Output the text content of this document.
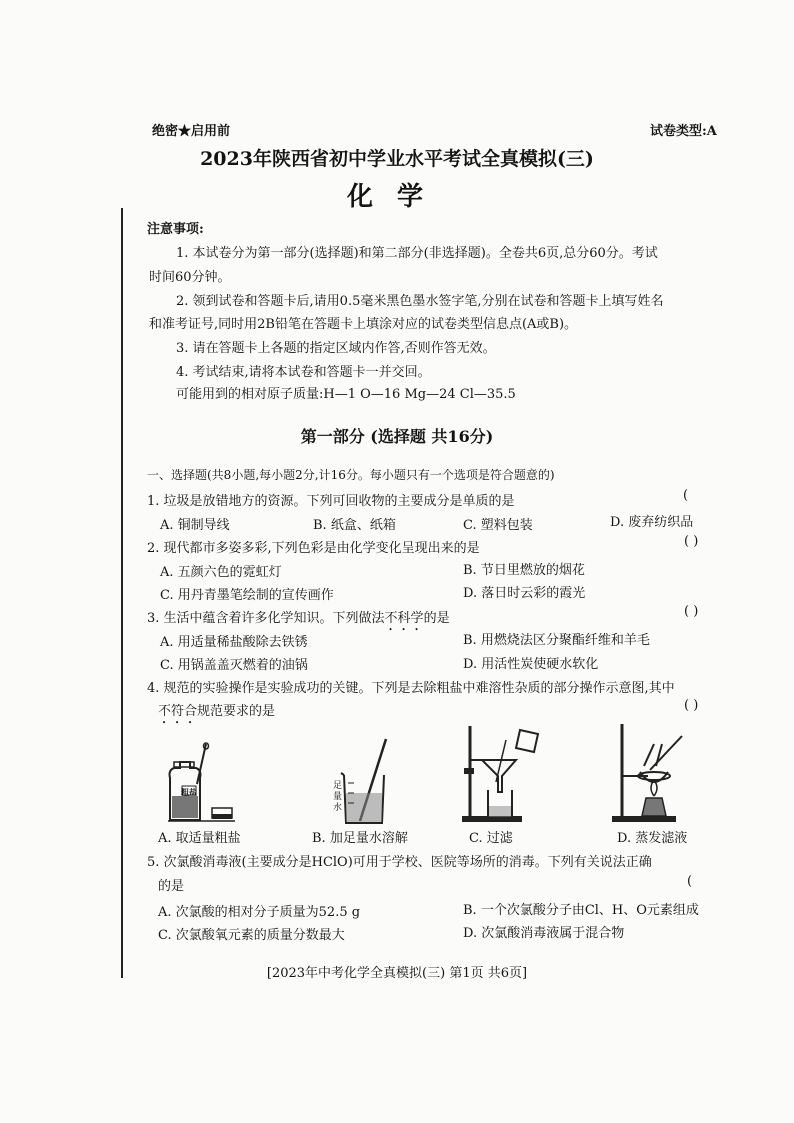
绝密★启用前	试卷类型:A
2023年陕西省初中学业水平考试全真模拟(三)
化学
注意事项:
1. 本试卷分为第一部分(选择题)和第二部分(非选择题)。全卷共6页,总分60分。考试
时间60分钟。
2. 领到试卷和答题卡后,请用0.5毫米黑色墨水签字笔,分别在试卷和答题卡上填写姓名
和准考证号,同时用2B铅笔在答题卡上填涂对应的试卷类型信息点(A或B)。
3. 请在答题卡上各题的指定区域内作答,否则作答无效。
4. 考试结束,请将本试卷和答题卡一并交回。
可能用到的相对原子质量:H—1 O—16 Mg—24 Cl—35.5
第一部分 (选择题 共16分)
一、选择题(共8小题,每小题2分,计16分。每小题只有一个选项是符合题意的)
1. 垃圾是放错地方的资源。下列可回收物的主要成分是单质的是	(
A. 铜制导线	B. 纸盒、纸箱	C. 塑料包装	D. 废弃纺织品
2. 现代都市多姿多彩,下列色彩是由化学变化呈现出来的是	( )
A. 五颜六色的霓虹灯	B. 节日里燃放的烟花
C. 用丹青墨笔绘制的宣传画作	D. 落日时云彩的霞光
3. 生活中蕴含着许多化学知识。下列做法不科学的是	( )
A. 用适量稀盐酸除去铁锈	B. 用燃烧法区分聚酯纤维和羊毛
C. 用锅盖盖灭燃着的油锅	D. 用活性炭使硬水软化
4. 规范的实验操作是实验成功的关键。下列是去除粗盐中难溶性杂质的部分操作示意图,其中
不符合规范要求的是	( )
粗盐
足量水
A. 取适量粗盐	B. 加足量水溶解	C. 过滤	D. 蒸发滤液
5. 次氯酸消毒液(主要成分是HClO)可用于学校、医院等场所的消毒。下列有关说法正确
的是	(
A. 次氯酸的相对分子质量为52.5 g	B. 一个次氯酸分子由Cl、H、O元素组成
C. 次氯酸氧元素的质量分数最大	D. 次氯酸消毒液属于混合物
[2023年中考化学全真模拟(三) 第1页 共6页]
